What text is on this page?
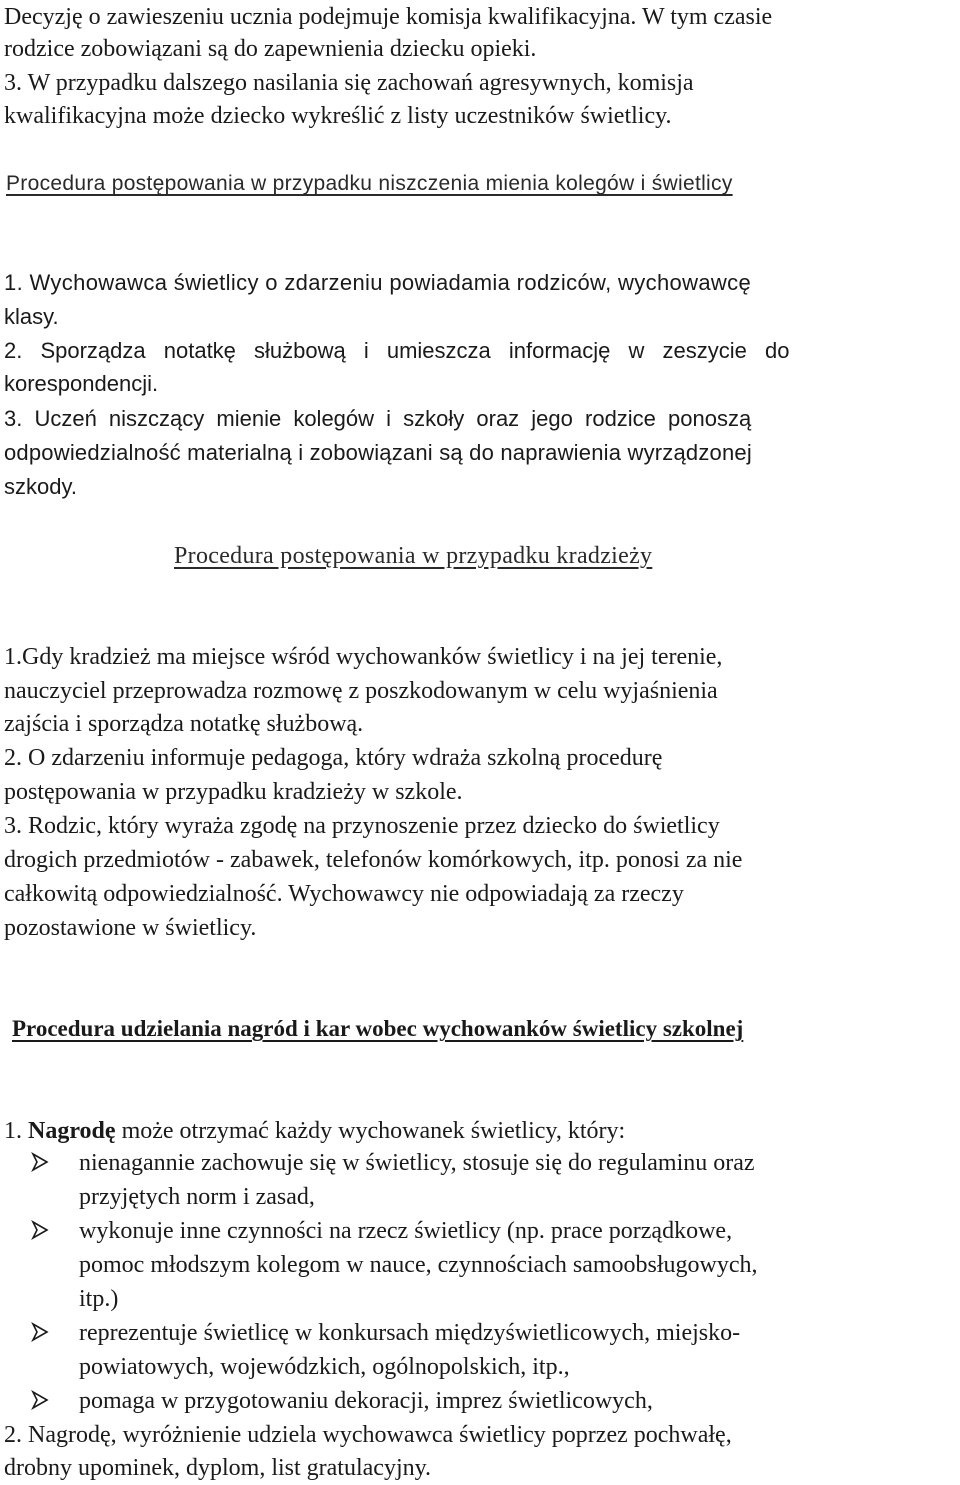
Decyzję o zawieszeniu ucznia podejmuje komisja kwalifikacyjna. W tym czasie
rodzice zobowiązani są do zapewnienia dziecku opieki.
3. W przypadku dalszego nasilania się zachowań agresywnych, komisja
kwalifikacyjna może dziecko wykreślić z listy uczestników świetlicy.
Procedura postępowania w przypadku niszczenia mienia kolegów i świetlicy
1. Wychowawca świetlicy o zdarzeniu powiadamia rodziców, wychowawcę
klasy.
2. Sporządza notatkę służbową i umieszcza informację w zeszycie do
korespondencji.
3. Uczeń niszczący mienie kolegów i szkoły oraz jego rodzice ponoszą
odpowiedzialność materialną i zobowiązani są do naprawienia wyrządzonej
szkody.
Procedura postępowania w przypadku kradzieży
1.Gdy kradzież ma miejsce wśród wychowanków świetlicy i na jej terenie,
nauczyciel przeprowadza rozmowę z poszkodowanym w celu wyjaśnienia
zajścia i sporządza notatkę służbową.
2. O zdarzeniu informuje pedagoga, który wdraża szkolną procedurę
postępowania w przypadku kradzieży w szkole.
3. Rodzic, który wyraża zgodę na przynoszenie przez dziecko do świetlicy
drogich przedmiotów - zabawek, telefonów komórkowych, itp. ponosi za nie
całkowitą odpowiedzialność. Wychowawcy nie odpowiadają za rzeczy
pozostawione w świetlicy.
Procedura udzielania nagród i kar wobec wychowanków świetlicy szkolnej
1. Nagrodę może otrzymać każdy wychowanek świetlicy, który:
nienagannie zachowuje się w świetlicy, stosuje się do regulaminu oraz
przyjętych norm i zasad,
wykonuje inne czynności na rzecz świetlicy (np. prace porządkowe,
pomoc młodszym kolegom w nauce, czynnościach samoobsługowych,
itp.)
reprezentuje świetlicę w konkursach międzyświetlicowych, miejsko-
powiatowych, wojewódzkich, ogólnopolskich, itp.,
pomaga w przygotowaniu dekoracji, imprez świetlicowych,
2. Nagrodę, wyróżnienie udziela wychowawca świetlicy poprzez pochwałę,
drobny upominek, dyplom, list gratulacyjny.
